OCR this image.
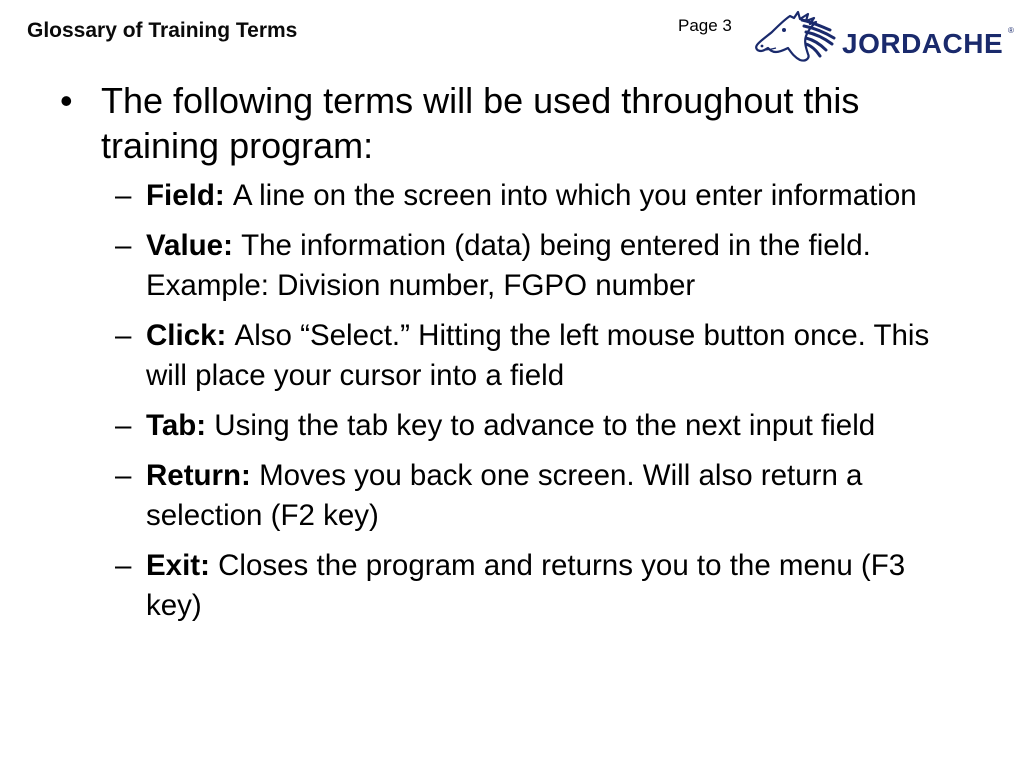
Glossary of Training Terms	Page 3
JORDACHE ®
• The following terms will be used throughout this training program:
– Field: A line on the screen into which you enter information
– Value: The information (data) being entered in the field. Example: Division number, FGPO number
– Click: Also “Select.” Hitting the left mouse button once. This will place your cursor into a field
– Tab: Using the tab key to advance to the next input field
– Return: Moves you back one screen. Will also return a selection (F2 key)
– Exit: Closes the program and returns you to the menu (F3 key)
